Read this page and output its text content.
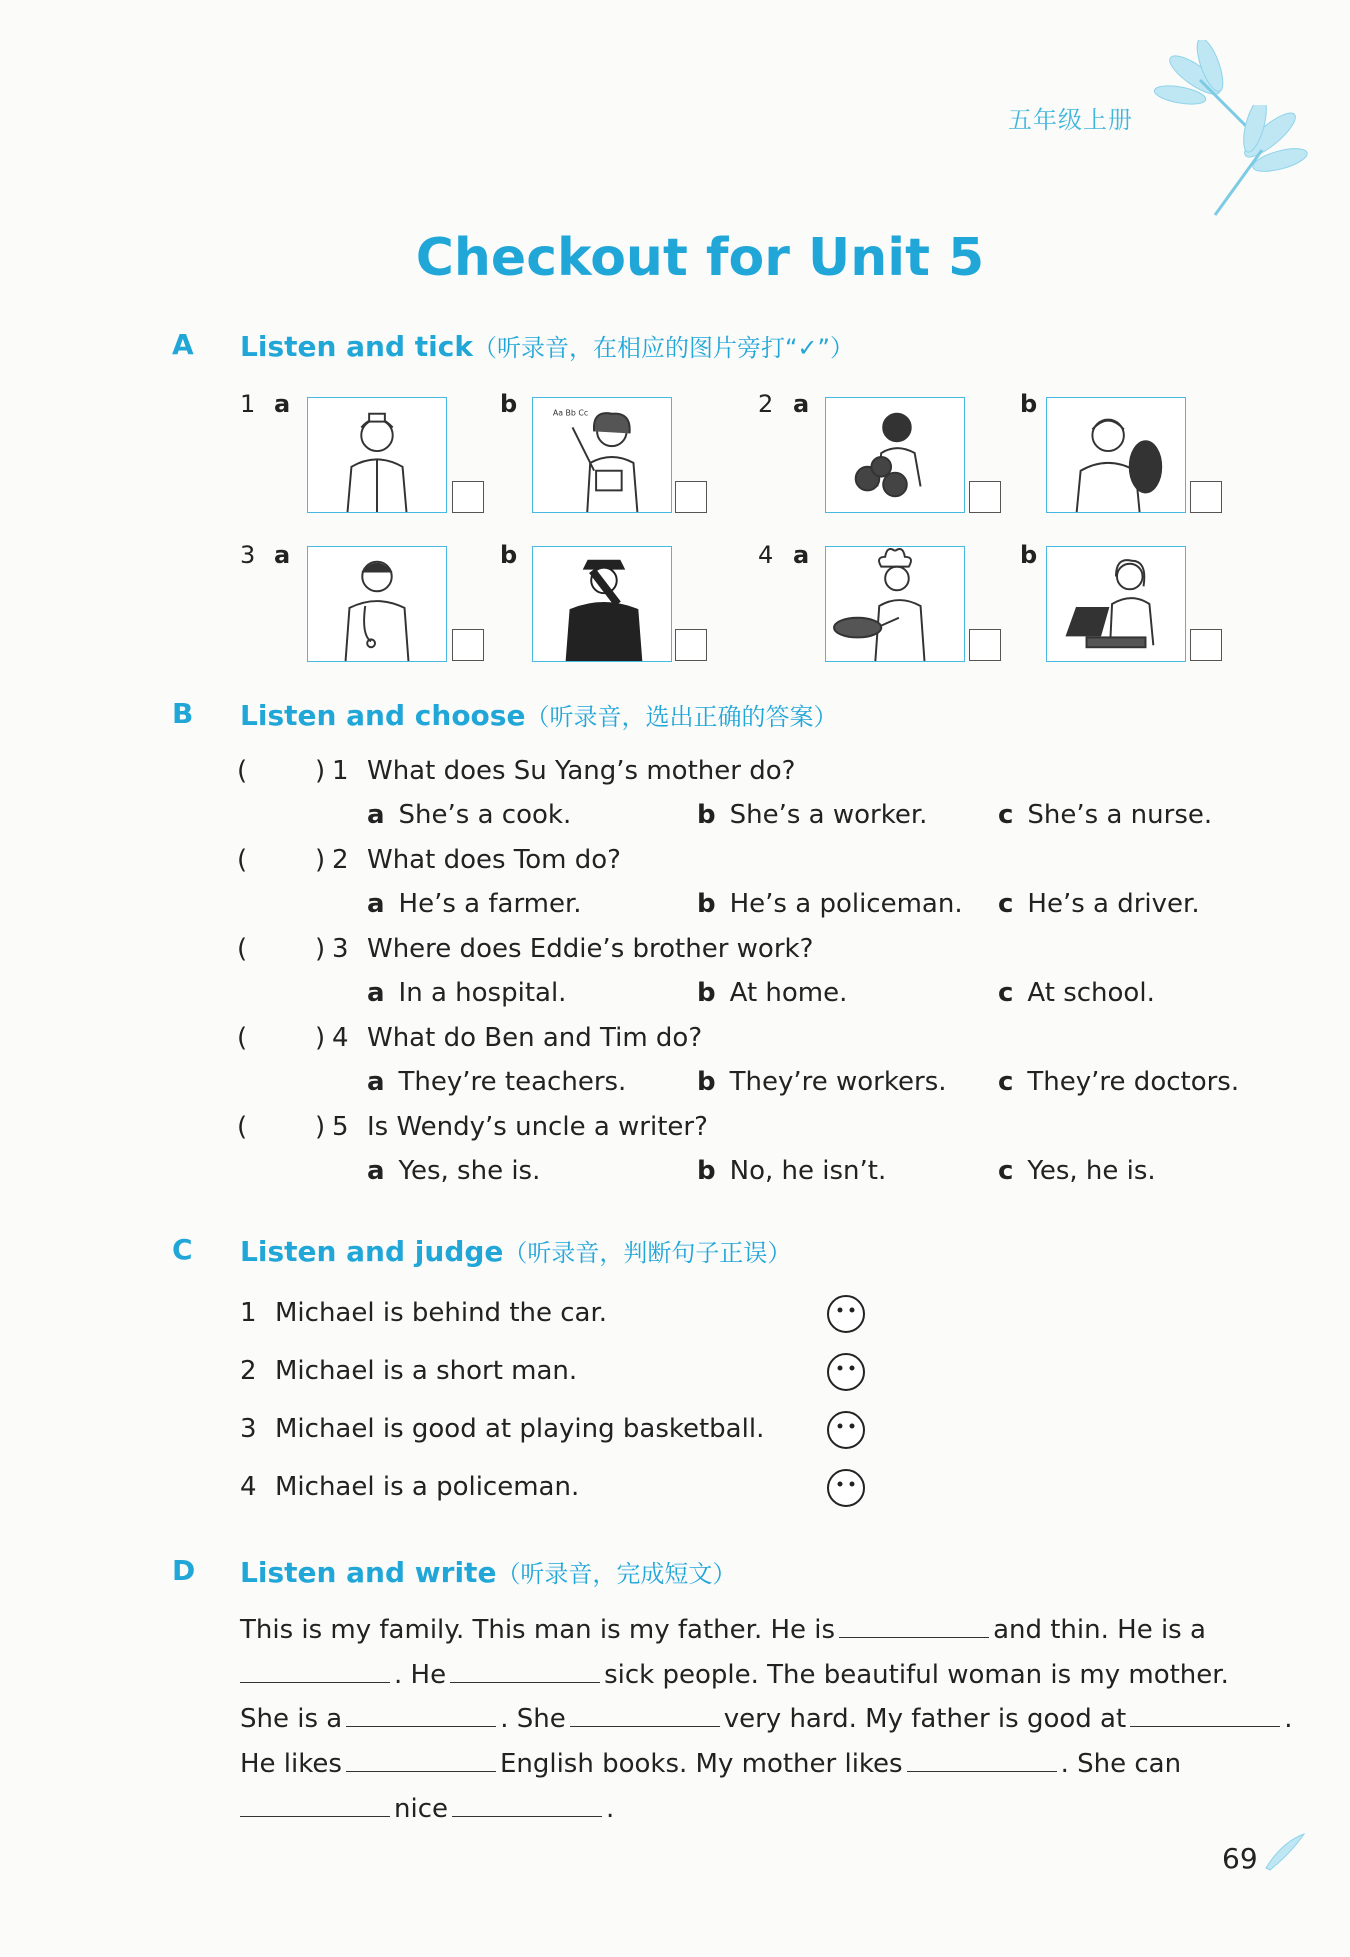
五年级上册
Checkout for Unit 5
A Listen and tick（听录音，在相应的图片旁打“✓”）
1 a	b	Aa Bb Cc	2 a	b
3 a	b	4 a	b
B Listen and choose（听录音，选出正确的答案）
(	) 1 What does Su Yang’s mother do?
a She’s a cook.	b She’s a worker.	c She’s a nurse.
(	) 2 What does Tom do?
a He’s a farmer.	b He’s a policeman. c He’s a driver.
(	) 3 Where does Eddie’s brother work?
a In a hospital.	b At home.	c At school.
(	) 4 What do Ben and Tim do?
a They’re teachers.	b They’re workers. c They’re doctors.
(	) 5 Is Wendy’s uncle a writer?
a Yes, she is.	b No, he isn’t.	c Yes, he is.
C Listen and judge（听录音，判断句子正误）
1 Michael is behind the car.
2 Michael is a short man.
3 Michael is good at playing basketball.
4 Michael is a policeman.
D Listen and write（听录音，完成短文）
This is my family. This man is my father. He is	and thin. He is a
. He	sick people. The beautiful woman is my mother.
She is a	. She	very hard. My father is good at	.
He likes	English books. My mother likes	. She can
nice	.
69
